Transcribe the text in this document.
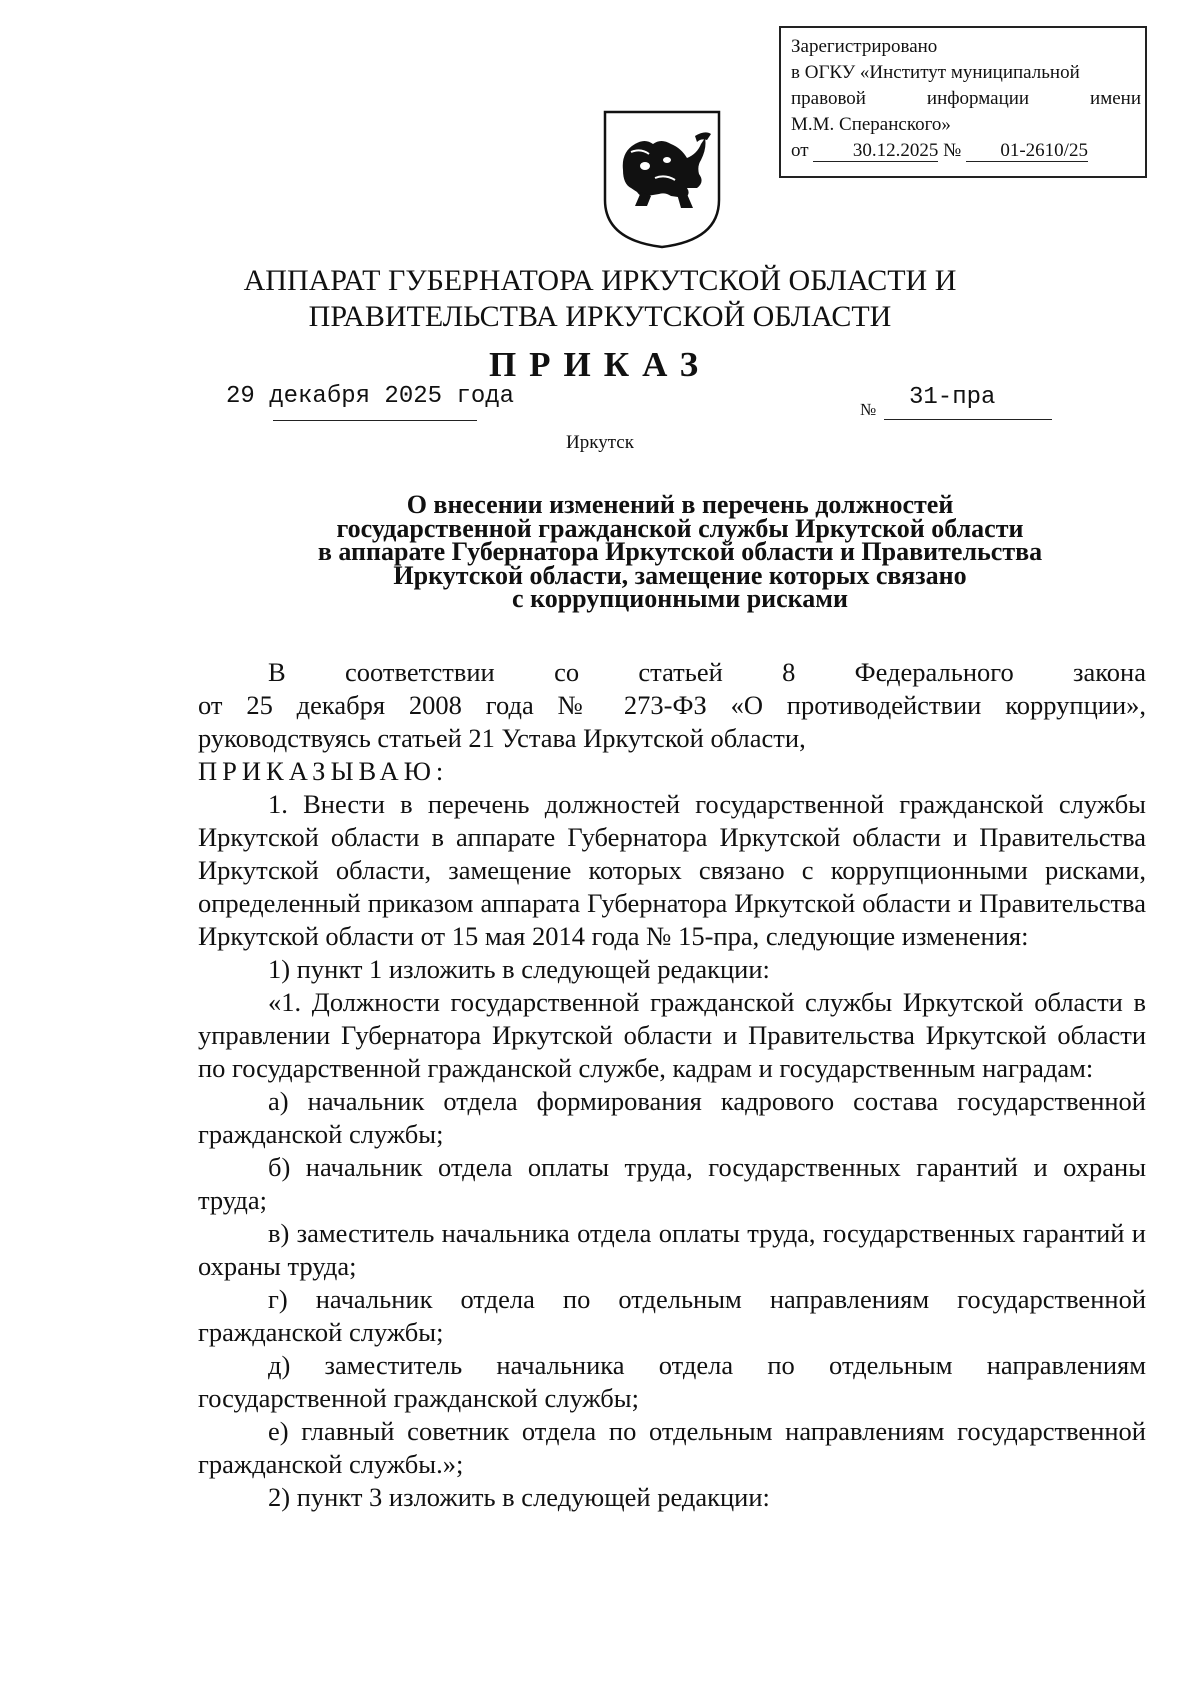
Зарегистрировано
в ОГКУ «Институт муниципальной
правовой информации имени
М.М. Сперанского»
от 30.12.2025 № 01-2610/25
АППАРАТ ГУБЕРНАТОРА ИРКУТСКОЙ ОБЛАСТИ И
ПРАВИТЕЛЬСТВА ИРКУТСКОЙ ОБЛАСТИ
ПРИКАЗ
29 декабря 2025 года	№ 31-пра
Иркутск
О внесении изменений в перечень должностей
государственной гражданской службы Иркутской области
в аппарате Губернатора Иркутской области и Правительства
Иркутской области, замещение которых связано
с коррупционными рисками

В соответствии со статьей 8 Федерального закона

от 25 декабря 2008 года № 273-ФЗ «О противодействии коррупции», руководствуясь статьей 21 Устава Иркутской области,

ПРИКАЗЫВАЮ:

1. Внести в перечень должностей государственной гражданской службы Иркутской области в аппарате Губернатора Иркутской области и Правительства Иркутской области, замещение которых связано с коррупционными рисками, определенный приказом аппарата Губернатора Иркутской области и Правительства Иркутской области от 15 мая 2014 года № 15-пра, следующие изменения:

1) пункт 1 изложить в следующей редакции:

«1. Должности государственной гражданской службы Иркутской области в управлении Губернатора Иркутской области и Правительства Иркутской области по государственной гражданской службе, кадрам и государственным наградам:

а) начальник отдела формирования кадрового состава государственной гражданской службы;

б) начальник отдела оплаты труда, государственных гарантий и охраны труда;

в) заместитель начальника отдела оплаты труда, государственных гарантий и охраны труда;

г) начальник отдела по отдельным направлениям государственной гражданской службы;

д) заместитель начальника отдела по отдельным направлениям государственной гражданской службы;

е) главный советник отдела по отдельным направлениям государственной гражданской службы.»;

2) пункт 3 изложить в следующей редакции:
